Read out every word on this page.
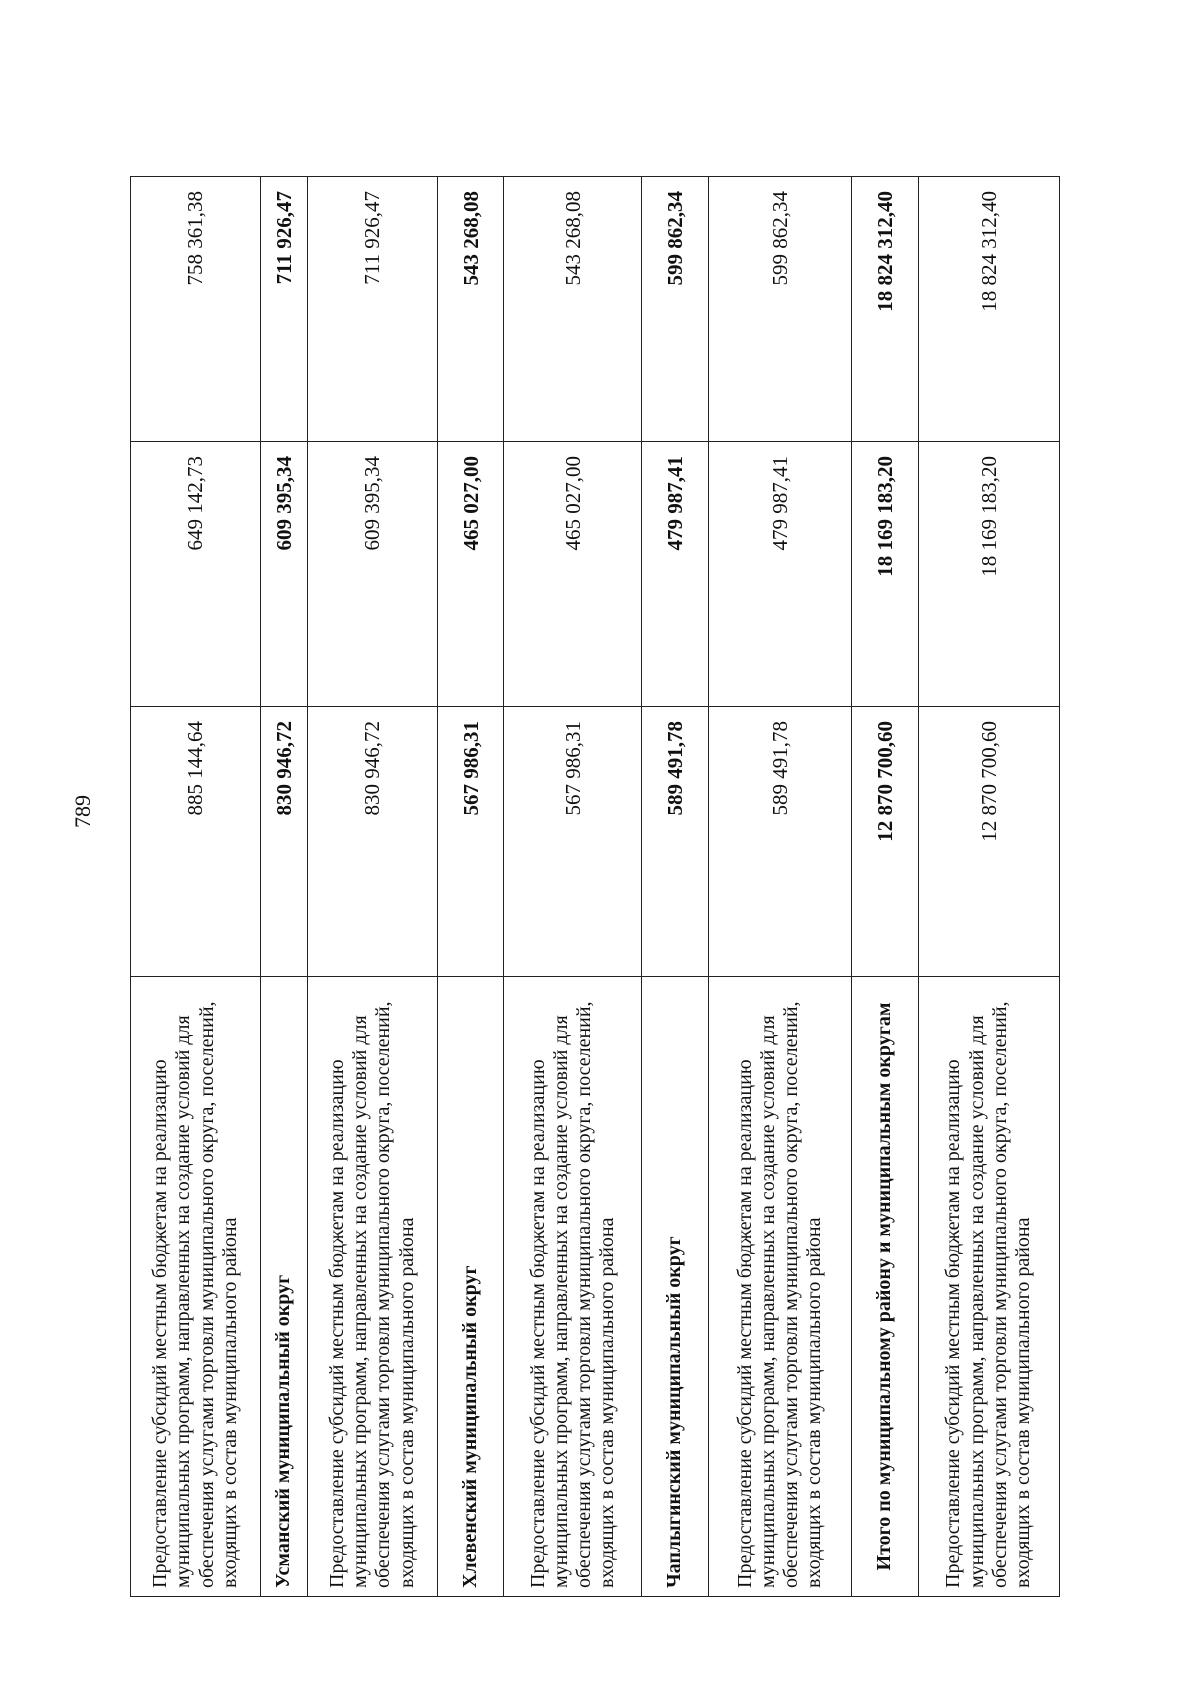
789
Предоставление субсидий местным бюджетам на реализацию муниципальных программ, направленных на создание условий для обеспечения услугами торговли муниципального округа, поселений, входящих в состав муниципального района	885 144,64	649 142,73	758 361,38
Усманский муниципальный округ	830 946,72	609 395,34	711 926,47
Предоставление субсидий местным бюджетам на реализацию муниципальных программ, направленных на создание условий для обеспечения услугами торговли муниципального округа, поселений, входящих в состав муниципального района	830 946,72	609 395,34	711 926,47
Хлевенский муниципальный округ	567 986,31	465 027,00	543 268,08
Предоставление субсидий местным бюджетам на реализацию муниципальных программ, направленных на создание условий для обеспечения услугами торговли муниципального округа, поселений, входящих в состав муниципального района	567 986,31	465 027,00	543 268,08
Чаплыгинский муниципальный округ	589 491,78	479 987,41	599 862,34
Предоставление субсидий местным бюджетам на реализацию муниципальных программ, направленных на создание условий для обеспечения услугами торговли муниципального округа, поселений, входящих в состав муниципального района	589 491,78	479 987,41	599 862,34
Итого по муниципальному району и муниципальным округам	12 870 700,60	18 169 183,20	18 824 312,40
Предоставление субсидий местным бюджетам на реализацию муниципальных программ, направленных на создание условий для обеспечения услугами торговли муниципального округа, поселений, входящих в состав муниципального района	12 870 700,60	18 169 183,20	18 824 312,40
